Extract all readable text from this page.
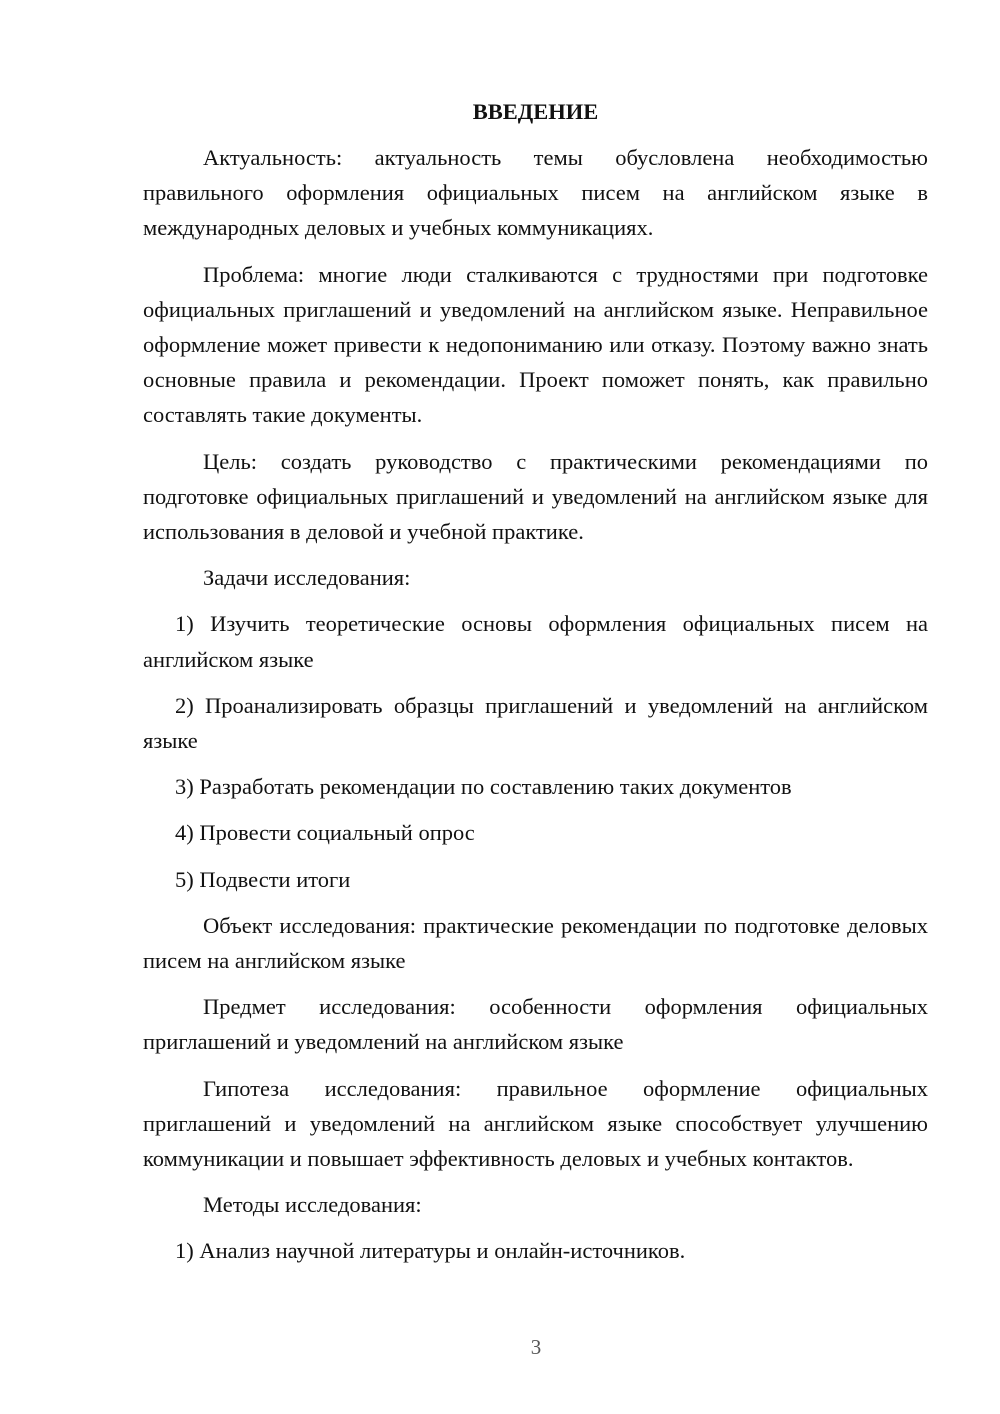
ВВЕДЕНИЕ

Актуальность: актуальность темы обусловлена необходимостью правильного оформления официальных писем на английском языке в международных деловых и учебных коммуникациях.

Проблема: многие люди сталкиваются с трудностями при подготовке официальных приглашений и уведомлений на английском языке. Неправильное оформление может привести к недопониманию или отказу. Поэтому важно знать основные правила и рекомендации. Проект поможет понять, как правильно составлять такие документы.

Цель: создать руководство с практическими рекомендациями по подготовке официальных приглашений и уведомлений на английском языке для использования в деловой и учебной практике.

Задачи исследования:

1) Изучить теоретические основы оформления официальных писем на английском языке

2) Проанализировать образцы приглашений и уведомлений на английском языке

3) Разработать рекомендации по составлению таких документов

4) Провести социальный опрос

5) Подвести итоги

Объект исследования: практические рекомендации по подготовке деловых писем на английском языке

Предмет исследования: особенности оформления официальных приглашений и уведомлений на английском языке

Гипотеза исследования: правильное оформление официальных приглашений и уведомлений на английском языке способствует улучшению коммуникации и повышает эффективность деловых и учебных контактов.

Методы исследования:

1) Анализ научной литературы и онлайн-источников.

3
